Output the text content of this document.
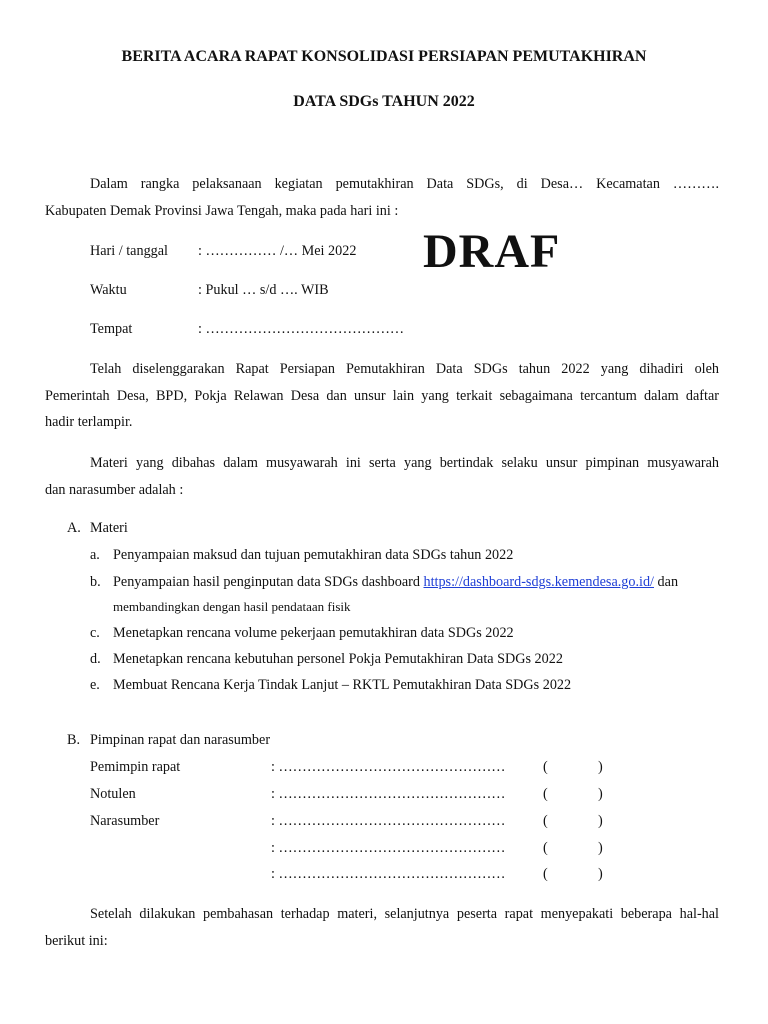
BERITA ACARA RAPAT KONSOLIDASI PERSIAPAN PEMUTAKHIRAN
DATA SDGs TAHUN 2022
Dalam rangka pelaksanaan kegiatan pemutakhiran Data SDGs, di Desa… Kecamatan ……….
Kabupaten Demak Provinsi Jawa Tengah, maka pada hari ini :
Hari / tanggal : …………… /… Mei 2022
Waktu	: Pukul … s/d …. WIB
Tempat	: ……………………………………
DRAF
Telah diselenggarakan Rapat Persiapan Pemutakhiran Data SDGs tahun 2022 yang dihadiri oleh
Pemerintah Desa, BPD, Pokja Relawan Desa dan unsur lain yang terkait sebagaimana tercantum dalam daftar
hadir terlampir.
Materi yang dibahas dalam musyawarah ini serta yang bertindak selaku unsur pimpinan musyawarah
dan narasumber adalah :
A. Materi
a. Penyampaian maksud dan tujuan pemutakhiran data SDGs tahun 2022
b. Penyampaian hasil penginputan data SDGs dashboard https://dashboard-sdgs.kemendesa.go.id/ dan
membandingkan dengan hasil pendataan fisik
c. Menetapkan rencana volume pekerjaan pemutakhiran data SDGs 2022
d. Menetapkan rencana kebutuhan personel Pokja Pemutakhiran Data SDGs 2022
e. Membuat Rencana Kerja Tindak Lanjut – RKTL Pemutakhiran Data SDGs 2022
B. Pimpinan rapat dan narasumber
Pemimpin rapat	: …………………………………………	(	)
Notulen	: …………………………………………	(	)
Narasumber	: …………………………………………	(	)
: …………………………………………	(	)
: …………………………………………	(	)
Setelah dilakukan pembahasan terhadap materi, selanjutnya peserta rapat menyepakati beberapa hal-hal
berikut ini:
